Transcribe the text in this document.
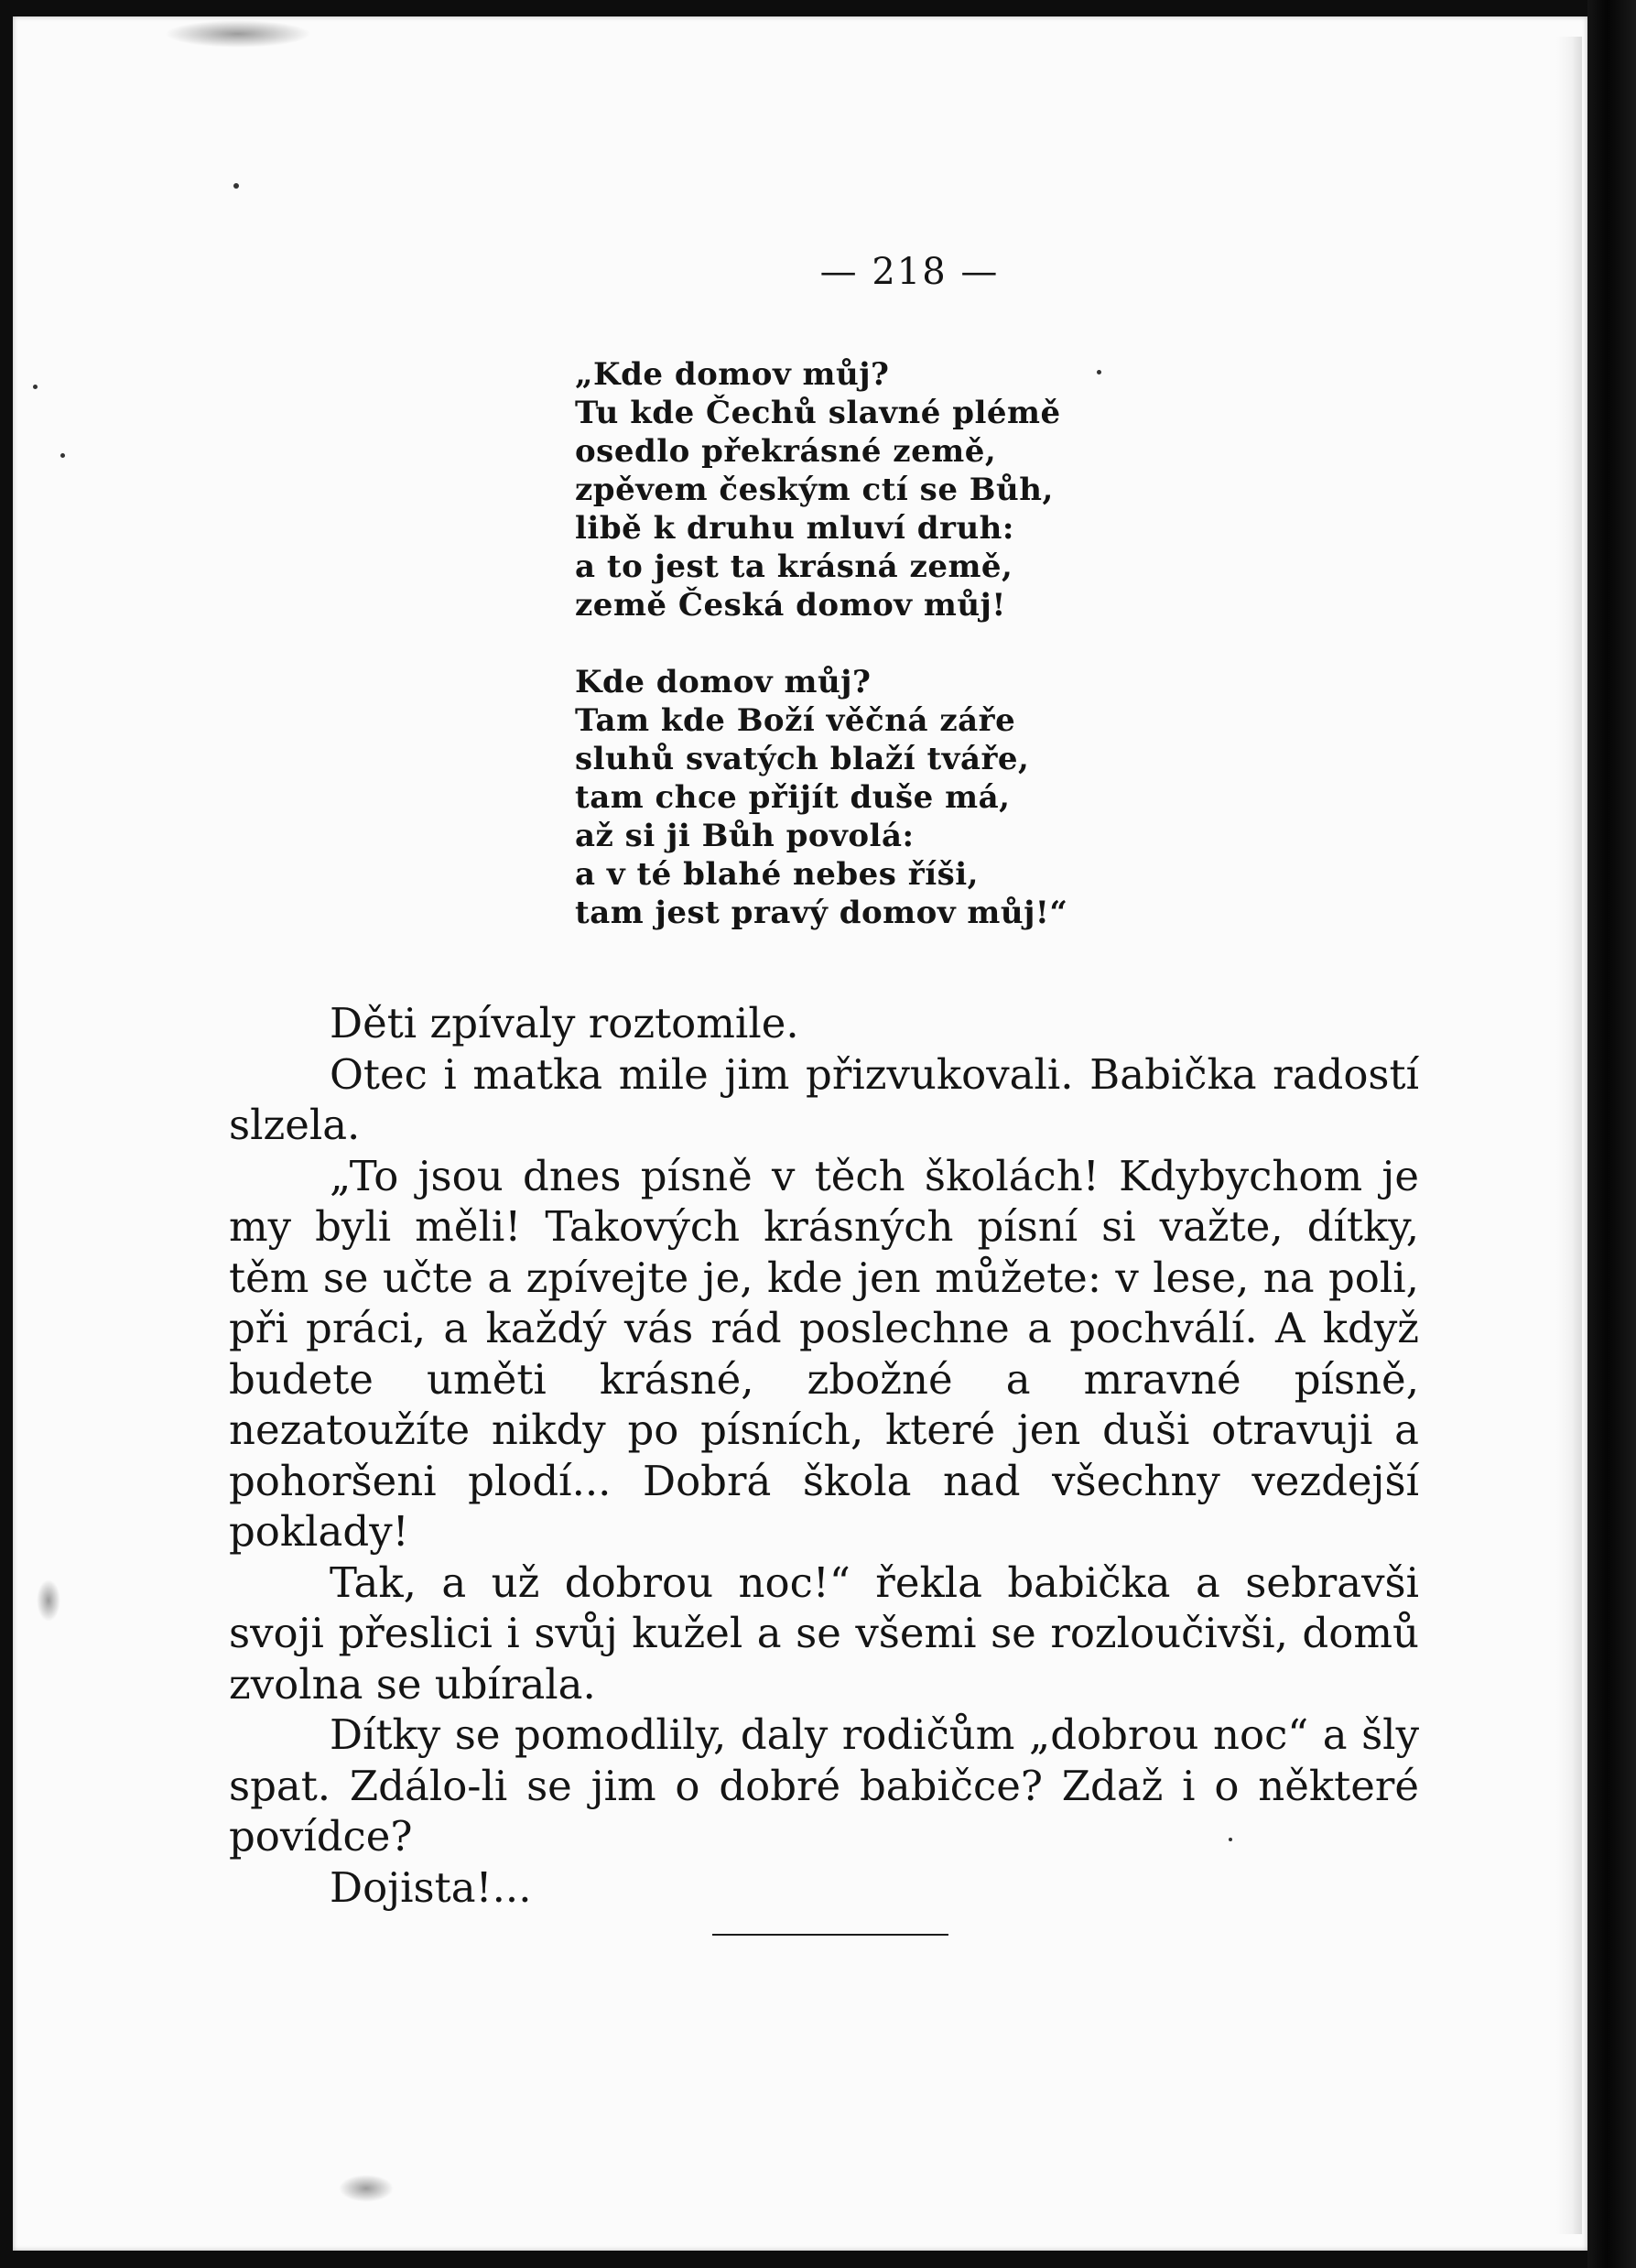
— 218 —
„Kde domov můj?
Tu kde Čechů slavné plémě
osedlo překrásné země,
zpěvem českým ctí se Bůh,
libě k druhu mluví druh:
a to jest ta krásná země,
země Česká domov můj!
Kde domov můj?
Tam kde Boží věčná záře
sluhů svatých blaží tváře,
tam chce přijít duše má,
až si ji Bůh povolá:
a v té blahé nebes říši,
tam jest pravý domov můj!“

Děti zpívaly roztomile.

Otec i matka mile jim přizvukovali. Babička radostí slzela.

„To jsou dnes písně v těch školách! Kdybychom je my byli měli! Takových krásných písní si važte, dítky, těm se učte a zpívejte je, kde jen můžete: v lese, na poli, při práci, a každý vás rád poslechne a pochválí. A když budete uměti krásné, zbožné a mravné písně, nezatoužíte nikdy po písních, které jen duši otravuji a pohoršeni plodí... Dobrá škola nad všechny vezdejší poklady!

Tak, a už dobrou noc!“ řekla babička a sebravši svoji přeslici i svůj kužel a se všemi se rozloučivši, domů zvolna se ubírala.

Dítky se pomodlily, daly rodičům „dobrou noc“ a šly spat. Zdálo-li se jim o dobré babičce? Zdaž i o některé povídce?

Dojista!...
